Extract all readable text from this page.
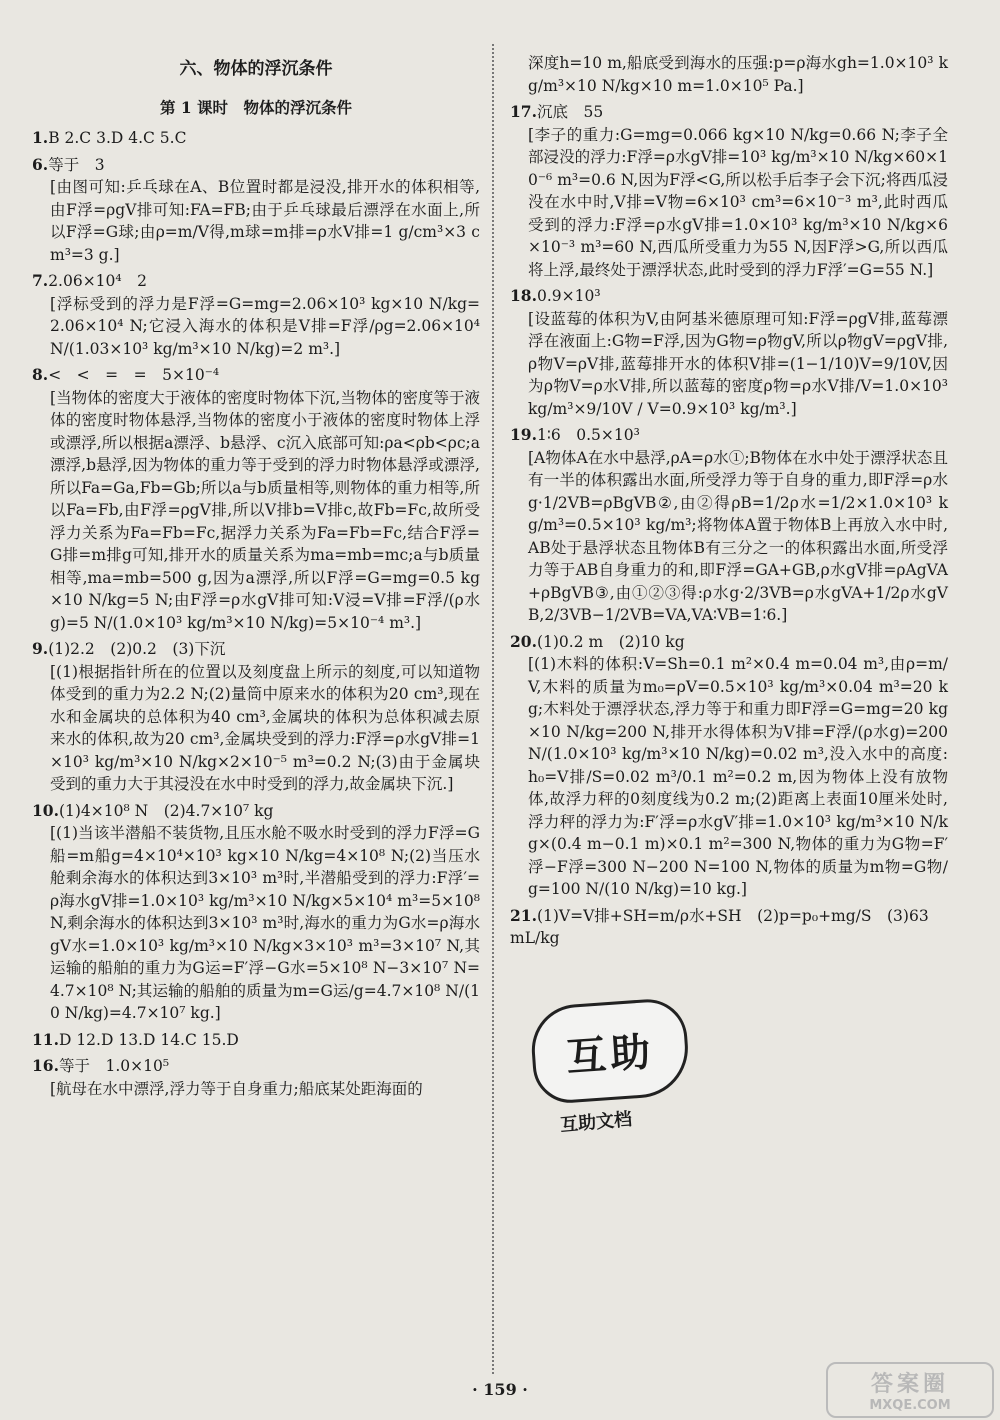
六、物体的浮沉条件
第 1 课时　物体的浮沉条件
1.B 2.C 3.D 4.C 5.C
6.等于　3
[由图可知:乒乓球在A、B位置时都是浸没,排开水的体积相等,由F浮=ρgV排可知:FA=FB;由于乒乓球最后漂浮在水面上,所以F浮=G球;由ρ=m/V得,m球=m排=ρ水V排=1 g/cm³×3 cm³=3 g.]
7.2.06×10⁴　2
[浮标受到的浮力是F浮=G=mg=2.06×10³ kg×10 N/kg=2.06×10⁴ N;它浸入海水的体积是V排=F浮/ρg=2.06×10⁴ N/(1.03×10³ kg/m³×10 N/kg)=2 m³.]
8.<　<　=　=　5×10⁻⁴
[当物体的密度大于液体的密度时物体下沉,当物体的密度等于液体的密度时物体悬浮,当物体的密度小于液体的密度时物体上浮或漂浮,所以根据a漂浮、b悬浮、c沉入底部可知:ρa<ρb<ρc;a漂浮,b悬浮,因为物体的重力等于受到的浮力时物体悬浮或漂浮,所以Fa=Ga,Fb=Gb;所以a与b质量相等,则物体的重力相等,所以Fa=Fb,由F浮=ρgV排,所以V排b=V排c,故Fb=Fc,故所受浮力关系为Fa=Fb=Fc,据浮力关系为Fa=Fb=Fc,结合F浮=G排=m排g可知,排开水的质量关系为ma=mb=mc;a与b质量相等,ma=mb=500 g,因为a漂浮,所以F浮=G=mg=0.5 kg×10 N/kg=5 N;由F浮=ρ水gV排可知:V浸=V排=F浮/(ρ水g)=5 N/(1.0×10³ kg/m³×10 N/kg)=5×10⁻⁴ m³.]
9.(1)2.2　(2)0.2　(3)下沉
[(1)根据指针所在的位置以及刻度盘上所示的刻度,可以知道物体受到的重力为2.2 N;(2)量筒中原来水的体积为20 cm³,现在水和金属块的总体积为40 cm³,金属块的体积为总体积减去原来水的体积,故为20 cm³,金属块受到的浮力:F浮=ρ水gV排=1×10³ kg/m³×10 N/kg×2×10⁻⁵ m³=0.2 N;(3)由于金属块受到的重力大于其浸没在水中时受到的浮力,故金属块下沉.]
10.(1)4×10⁸ N　(2)4.7×10⁷ kg
[(1)当该半潜船不装货物,且压水舱不吸水时受到的浮力F浮=G船=m船g=4×10⁴×10³ kg×10 N/kg=4×10⁸ N;(2)当压水舱剩余海水的体积达到3×10³ m³时,半潜船受到的浮力:F浮′=ρ海水gV排=1.0×10³ kg/m³×10 N/kg×5×10⁴ m³=5×10⁸ N,剩余海水的体积达到3×10³ m³时,海水的重力为G水=ρ海水gV水=1.0×10³ kg/m³×10 N/kg×3×10³ m³=3×10⁷ N,其运输的船舶的重力为G运=F′浮−G水=5×10⁸ N−3×10⁷ N=4.7×10⁸ N;其运输的船舶的质量为m=G运/g=4.7×10⁸ N/(10 N/kg)=4.7×10⁷ kg.]
11.D 12.D 13.D 14.C 15.D
16.等于　1.0×10⁵
[航母在水中漂浮,浮力等于自身重力;船底某处距海面的
深度h=10 m,船底受到海水的压强:p=ρ海水gh=1.0×10³ kg/m³×10 N/kg×10 m=1.0×10⁵ Pa.]
17.沉底　55
[李子的重力:G=mg=0.066 kg×10 N/kg=0.66 N;李子全部浸没的浮力:F浮=ρ水gV排=10³ kg/m³×10 N/kg×60×10⁻⁶ m³=0.6 N,因为F浮<G,所以松手后李子会下沉;将西瓜浸没在水中时,V排=V物=6×10³ cm³=6×10⁻³ m³,此时西瓜受到的浮力:F浮=ρ水gV排=1.0×10³ kg/m³×10 N/kg×6×10⁻³ m³=60 N,西瓜所受重力为55 N,因F浮>G,所以西瓜将上浮,最终处于漂浮状态,此时受到的浮力F浮′=G=55 N.]
18.0.9×10³
[设蓝莓的体积为V,由阿基米德原理可知:F浮=ρgV排,蓝莓漂浮在液面上:G物=F浮,因为G物=ρ物gV,所以ρ物gV=ρgV排,ρ物V=ρV排,蓝莓排开水的体积V排=(1−1/10)V=9/10V,因为ρ物V=ρ水V排,所以蓝莓的密度ρ物=ρ水V排/V=1.0×10³ kg/m³×9/10V / V=0.9×10³ kg/m³.]
19.1∶6　0.5×10³
[A物体A在水中悬浮,ρA=ρ水①;B物体在水中处于漂浮状态且有一半的体积露出水面,所受浮力等于自身的重力,即F浮=ρ水g·1/2VB=ρBgVB②,由②得ρB=1/2ρ水=1/2×1.0×10³ kg/m³=0.5×10³ kg/m³;将物体A置于物体B上再放入水中时,AB处于悬浮状态且物体B有三分之一的体积露出水面,所受浮力等于AB自身重力的和,即F浮=GA+GB,ρ水gV排=ρAgVA+ρBgVB③,由①②③得:ρ水g·2/3VB=ρ水gVA+1/2ρ水gVB,2/3VB−1/2VB=VA,VA∶VB=1∶6.]
20.(1)0.2 m　(2)10 kg
[(1)木料的体积:V=Sh=0.1 m²×0.4 m=0.04 m³,由ρ=m/V,木料的质量为m₀=ρV=0.5×10³ kg/m³×0.04 m³=20 kg;木料处于漂浮状态,浮力等于和重力即F浮=G=mg=20 kg×10 N/kg=200 N,排开水得体积为V排=F浮/(ρ水g)=200 N/(1.0×10³ kg/m³×10 N/kg)=0.02 m³,没入水中的高度:h₀=V排/S=0.02 m³/0.1 m²=0.2 m,因为物体上没有放物体,故浮力秤的0刻度线为0.2 m;(2)距离上表面10厘米处时,浮力秤的浮力为:F′浮=ρ水gV′排=1.0×10³ kg/m³×10 N/kg×(0.4 m−0.1 m)×0.1 m²=300 N,物体的重力为G物=F′浮−F浮=300 N−200 N=100 N,物体的质量为m物=G物/g=100 N/(10 N/kg)=10 kg.]
21.(1)V=V排+SH=m/ρ水+SH　(2)p=p₀+mg/S　(3)63 mL/kg
· 159 ·
互助
互助文档
答案圈
MXQE.COM
